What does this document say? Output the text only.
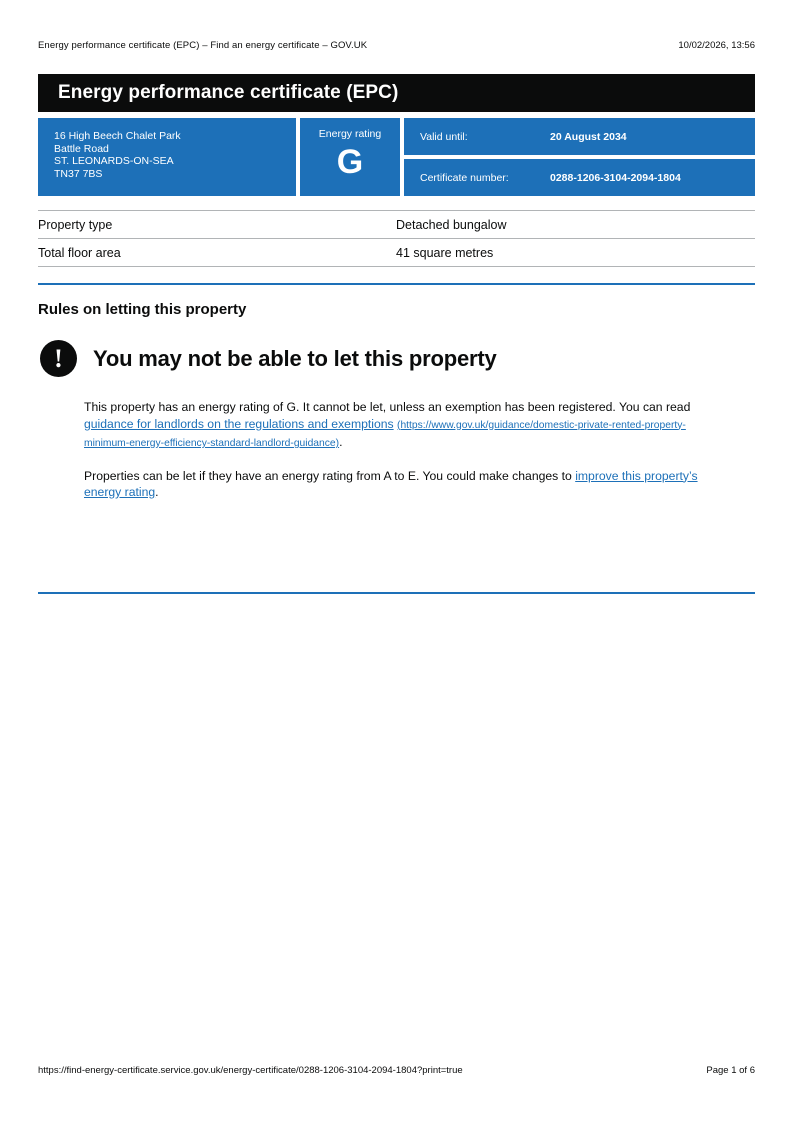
Energy performance certificate (EPC) – Find an energy certificate – GOV.UK	10/02/2026, 13:56
Energy performance certificate (EPC)
16 High Beech Chalet Park
Battle Road
ST. LEONARDS-ON-SEA
TN37 7BS
Energy rating
G
Valid until:	20 August 2034
Certificate number:	0288-1206-3104-2094-1804
Property type	Detached bungalow
Total floor area	41 square metres
Rules on letting this property
!	You may not be able to let this property

This property has an energy rating of G. It cannot be let, unless an exemption has been registered. You can read guidance for landlords on the regulations and exemptions (https://www.gov.uk/guidance/domestic-private-rented-property-minimum-energy-efficiency-standard-landlord-guidance).

Properties can be let if they have an energy rating from A to E. You could make changes to improve this property’s energy rating.

https://find-energy-certificate.service.gov.uk/energy-certificate/0288-1206-3104-2094-1804?print=true	Page 1 of 6
